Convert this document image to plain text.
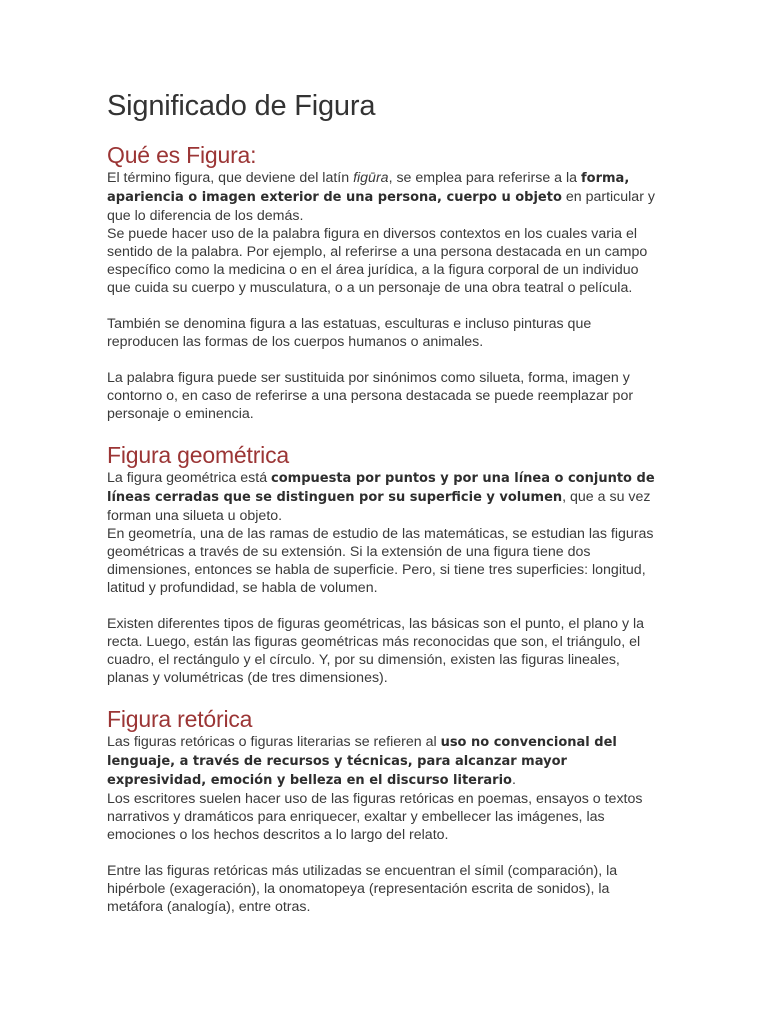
Significado de Figura
Qué es Figura:

El término figura, que deviene del latín figūra, se emplea para referirse a la forma, apariencia o imagen exterior de una persona, cuerpo u objeto en particular y que lo diferencia de los demás.

Se puede hacer uso de la palabra figura en diversos contextos en los cuales varia el sentido de la palabra. Por ejemplo, al referirse a una persona destacada en un campo específico como la medicina o en el área jurídica, a la figura corporal de un individuo que cuida su cuerpo y musculatura, o a un personaje de una obra teatral o película.

También se denomina figura a las estatuas, esculturas e incluso pinturas que reproducen las formas de los cuerpos humanos o animales.

La palabra figura puede ser sustituida por sinónimos como silueta, forma, imagen y contorno o, en caso de referirse a una persona destacada se puede reemplazar por personaje o eminencia.

Figura geométrica

La figura geométrica está compuesta por puntos y por una línea o conjunto de líneas cerradas que se distinguen por su superficie y volumen, que a su vez forman una silueta u objeto.

En geometría, una de las ramas de estudio de las matemáticas, se estudian las figuras geométricas a través de su extensión. Si la extensión de una figura tiene dos dimensiones, entonces se habla de superficie. Pero, si tiene tres superficies: longitud, latitud y profundidad, se habla de volumen.

Existen diferentes tipos de figuras geométricas, las básicas son el punto, el plano y la recta. Luego, están las figuras geométricas más reconocidas que son, el triángulo, el cuadro, el rectángulo y el círculo. Y, por su dimensión, existen las figuras lineales, planas y volumétricas (de tres dimensiones).

Figura retórica

Las figuras retóricas o figuras literarias se refieren al uso no convencional del lenguaje, a través de recursos y técnicas, para alcanzar mayor expresividad, emoción y belleza en el discurso literario.

Los escritores suelen hacer uso de las figuras retóricas en poemas, ensayos o textos narrativos y dramáticos para enriquecer, exaltar y embellecer las imágenes, las emociones o los hechos descritos a lo largo del relato.

Entre las figuras retóricas más utilizadas se encuentran el símil (comparación), la hipérbole (exageración), la onomatopeya (representación escrita de sonidos), la metáfora (analogía), entre otras.
